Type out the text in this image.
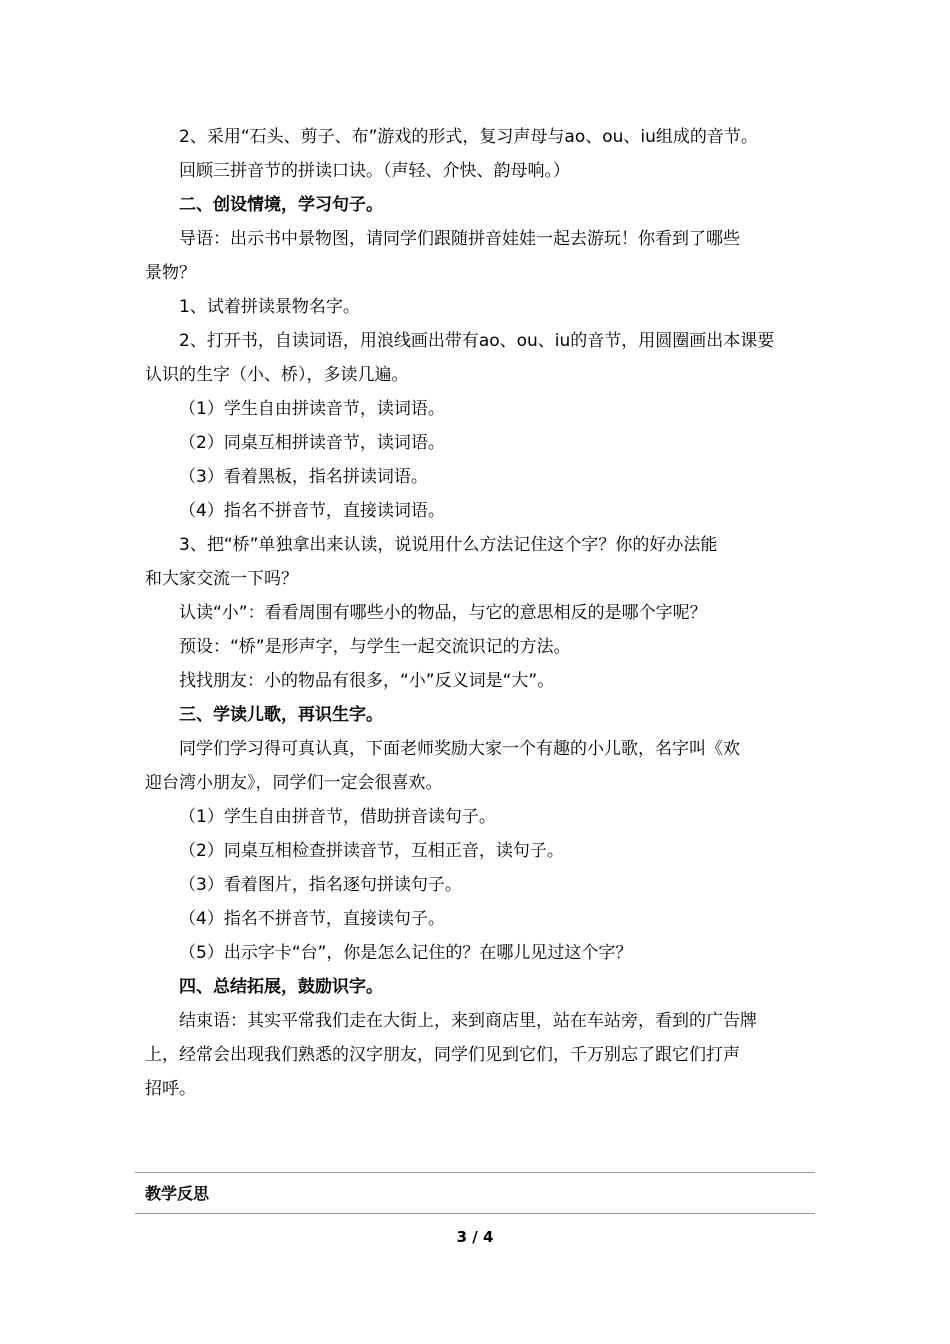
2、采用“石头、剪子、布”游戏的形式，复习声母与ao、ou、iu组成的音节。

回顾三拼音节的拼读口诀。（声轻、介快、韵母响。）

二、创设情境，学习句子。

导语：出示书中景物图，请同学们跟随拼音娃娃一起去游玩！你看到了哪些

景物？

1、试着拼读景物名字。

2、打开书，自读词语，用浪线画出带有ao、ou、iu的音节，用圆圈画出本课要

认识的生字（小、桥），多读几遍。

（1）学生自由拼读音节，读词语。

（2）同桌互相拼读音节，读词语。

（3）看着黑板，指名拼读词语。

（4）指名不拼音节，直接读词语。

3、把“桥”单独拿出来认读，说说用什么方法记住这个字？你的好办法能

和大家交流一下吗？

认读“小”：看看周围有哪些小的物品，与它的意思相反的是哪个字呢？

预设：“桥”是形声字，与学生一起交流识记的方法。

找找朋友：小的物品有很多，“小”反义词是“大”。

三、学读儿歌，再识生字。

同学们学习得可真认真，下面老师奖励大家一个有趣的小儿歌，名字叫《欢

迎台湾小朋友》，同学们一定会很喜欢。

（1）学生自由拼音节，借助拼音读句子。

（2）同桌互相检查拼读音节，互相正音，读句子。

（3）看着图片，指名逐句拼读句子。

（4）指名不拼音节，直接读句子。

（5）出示字卡“台”，你是怎么记住的？在哪儿见过这个字？

四、总结拓展，鼓励识字。

结束语：其实平常我们走在大街上，来到商店里，站在车站旁，看到的广告牌

上，经常会出现我们熟悉的汉字朋友，同学们见到它们，千万别忘了跟它们打声

招呼。

教学反思
3 / 4
